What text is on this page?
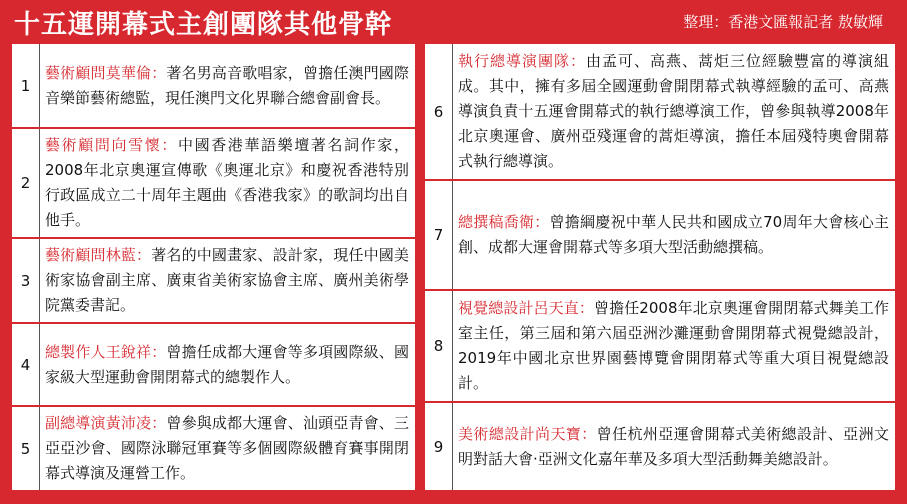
十五運開幕式主創團隊其他骨幹	整理：香港文匯報記者 敖敏輝
1

藝術顧問莫華倫：著名男高音歌唱家，曾擔任澳門國際音樂節藝術總監，現任澳門文化界聯合總會副會長。

2

藝術顧問向雪懷：中國香港華語樂壇著名詞作家，2008年北京奧運宣傳歌《奧運北京》和慶祝香港特別行政區成立二十周年主題曲《香港我家》的歌詞均出自他手。

3

藝術顧問林藍：著名的中國畫家、設計家，現任中國美術家協會副主席、廣東省美術家協會主席、廣州美術學院黨委書記。

4

總製作人王銳祥：曾擔任成都大運會等多項國際級、國家級大型運動會開閉幕式的總製作人。

5

副總導演黃沛凌：曾參與成都大運會、汕頭亞青會、三亞亞沙會、國際泳聯冠軍賽等多個國際級體育賽事開閉幕式導演及運營工作。

6

執行總導演團隊：由孟可、高燕、蒿炬三位經驗豐富的導演組成。其中，擁有多屆全國運動會開閉幕式執導經驗的孟可、高燕導演負責十五運會開幕式的執行總導演工作，曾參與執導2008年北京奧運會、廣州亞殘運會的蒿炬導演，擔任本屆殘特奧會開幕式執行總導演。

7

總撰稿喬衛：曾擔綱慶祝中華人民共和國成立70周年大會核心主創、成都大運會開幕式等多項大型活動總撰稿。

8

視覺總設計呂天直：曾擔任2008年北京奧運會開閉幕式舞美工作室主任，第三屆和第六屆亞洲沙灘運動會開閉幕式視覺總設計，2019年中國北京世界園藝博覽會開閉幕式等重大項目視覺總設計。

9

美術總設計尚天寶：曾任杭州亞運會開幕式美術總設計、亞洲文明對話大會·亞洲文化嘉年華及多項大型活動舞美總設計。
